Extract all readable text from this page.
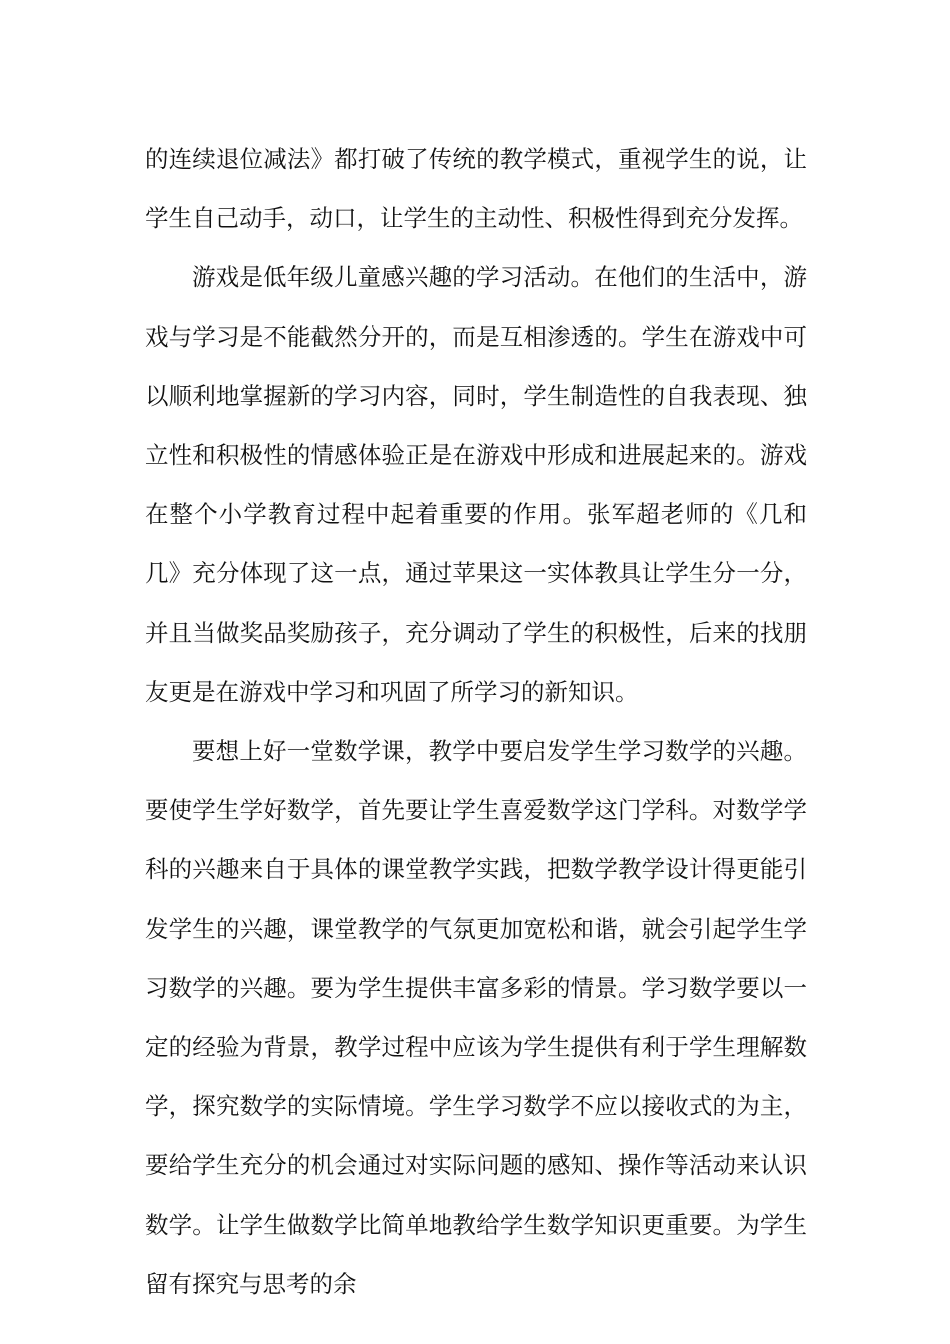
的连续退位减法》都打破了传统的教学模式，重视学生的说，让学生自己动手，动口，让学生的主动性、积极性得到充分发挥。

游戏是低年级儿童感兴趣的学习活动。在他们的生活中，游戏与学习是不能截然分开的，而是互相渗透的。学生在游戏中可以顺利地掌握新的学习内容，同时，学生制造性的自我表现、独立性和积极性的情感体验正是在游戏中形成和进展起来的。游戏在整个小学教育过程中起着重要的作用。张军超老师的《几和几》充分体现了这一点，通过苹果这一实体教具让学生分一分，并且当做奖品奖励孩子，充分调动了学生的积极性，后来的找朋友更是在游戏中学习和巩固了所学习的新知识。

要想上好一堂数学课，教学中要启发学生学习数学的兴趣。要使学生学好数学，首先要让学生喜爱数学这门学科。对数学学科的兴趣来自于具体的课堂教学实践，把数学教学设计得更能引发学生的兴趣，课堂教学的气氛更加宽松和谐，就会引起学生学习数学的兴趣。要为学生提供丰富多彩的情景。学习数学要以一定的经验为背景，教学过程中应该为学生提供有利于学生理解数学，探究数学的实际情境。学生学习数学不应以接收式的为主，要给学生充分的机会通过对实际问题的感知、操作等活动来认识数学。让学生做数学比简单地教给学生数学知识更重要。为学生留有探究与思考的余
